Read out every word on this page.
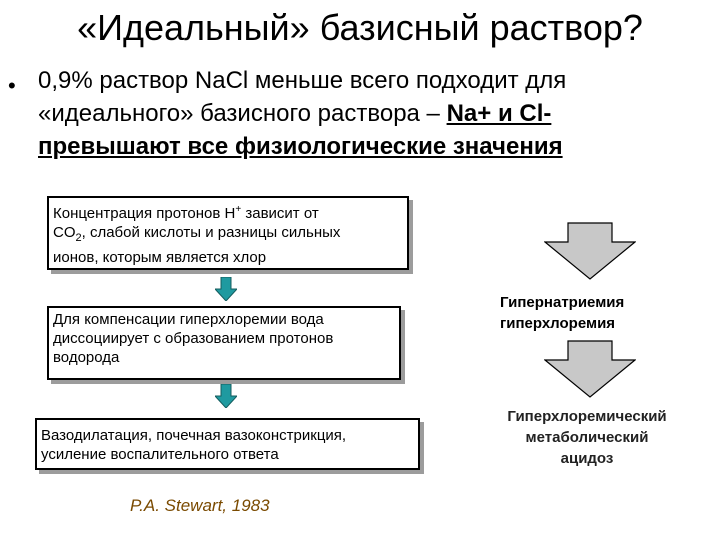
«Идеальный» базисный раствор?
• 0,9% раствор NaCl меньше всего подходит для «идеального» базисного раствора – Na+ и Cl- превышают все физиологические значения
Концентрация протонов H+ зависит от
$CO_2$, слабой кислоты и разницы сильных
ионов, которым является хлор
Для компенсации гиперхлоремии вода диссоциирует с образованием протонов водорода
Вазодилатация, почечная вазоконстрикция, усиление воспалительного ответа
Гипернатриемия
гиперхлоремия
Гиперхлоремический
метаболический
ацидоз
P.A. Stewart, 1983
